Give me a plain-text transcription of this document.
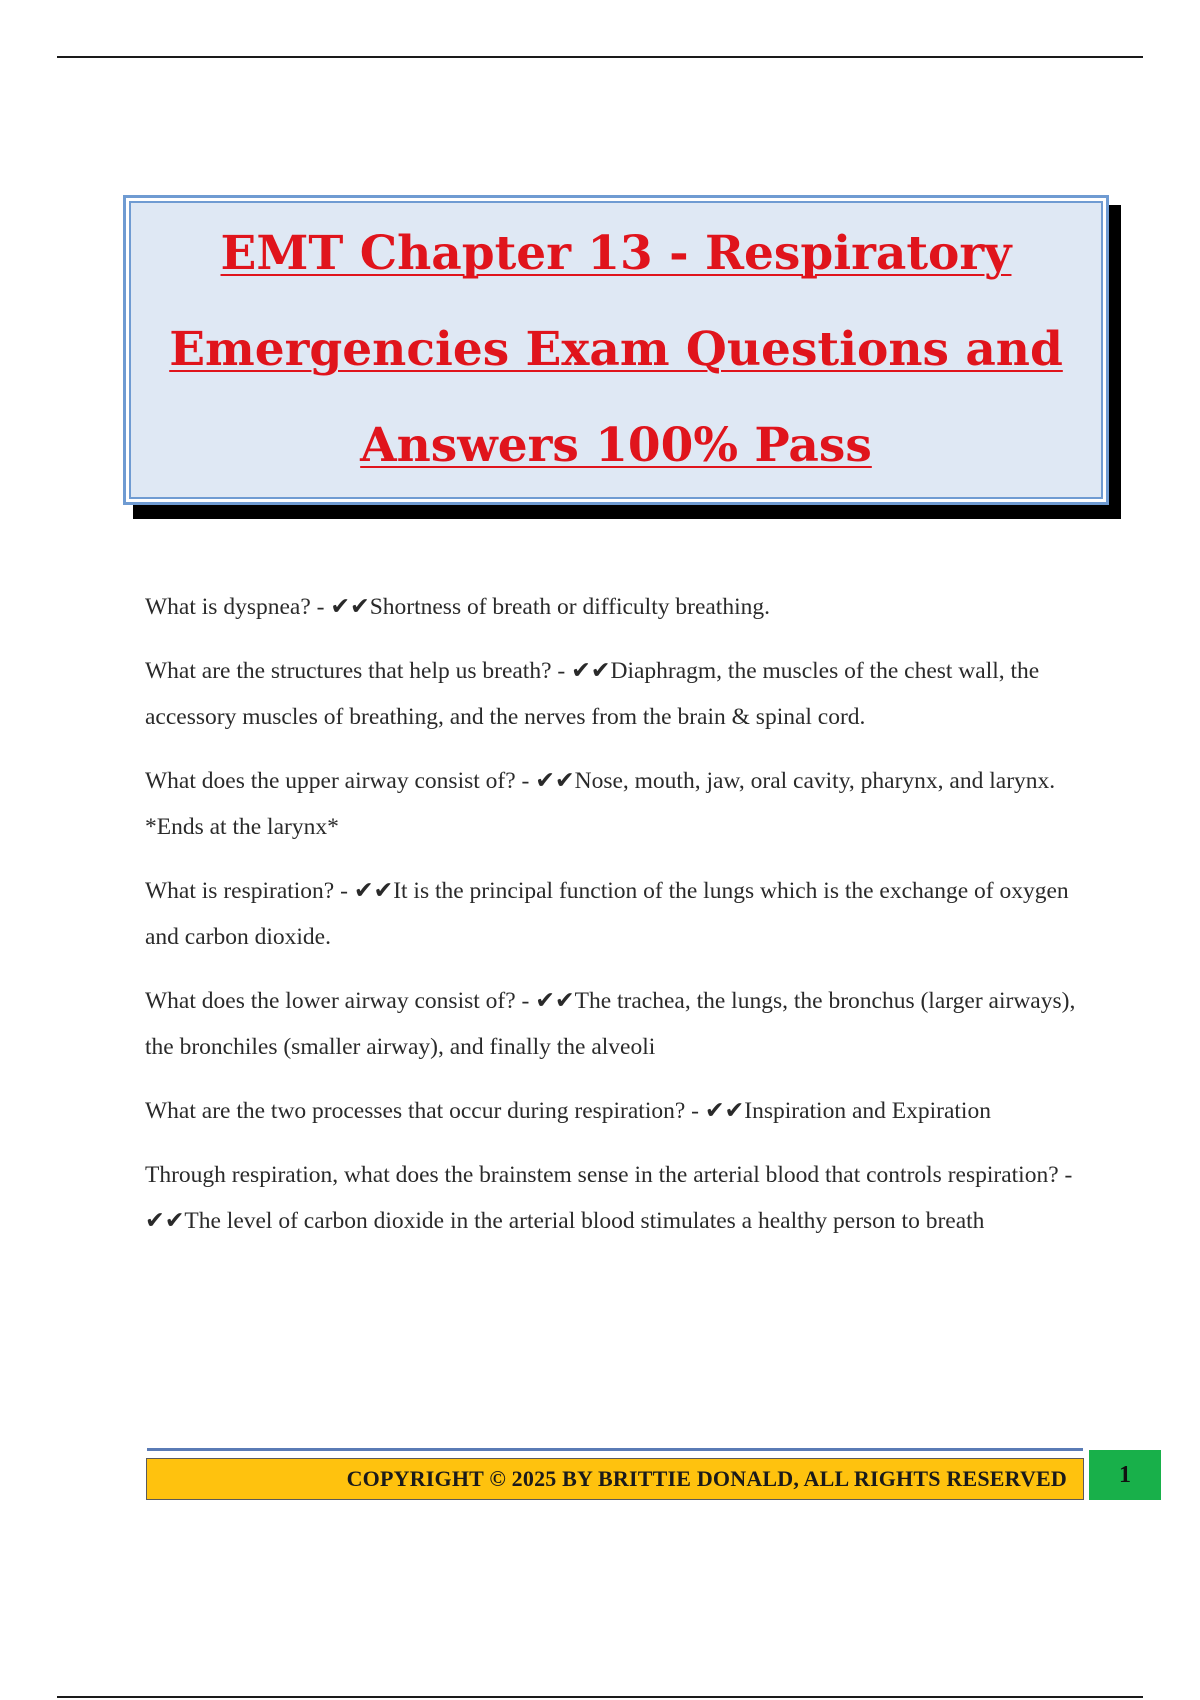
EMT Chapter 13 - Respiratory Emergencies Exam Questions and Answers 100% Pass

What is dyspnea? - ✔✔Shortness of breath or difficulty breathing.

What are the structures that help us breath? - ✔✔Diaphragm, the muscles of the chest wall, the accessory muscles of breathing, and the nerves from the brain & spinal cord.

What does the upper airway consist of? - ✔✔Nose, mouth, jaw, oral cavity, pharynx, and larynx. *Ends at the larynx*

What is respiration? - ✔✔It is the principal function of the lungs which is the exchange of oxygen and carbon dioxide.

What does the lower airway consist of? - ✔✔The trachea, the lungs, the bronchus (larger airways), the bronchiles (smaller airway), and finally the alveoli

What are the two processes that occur during respiration? - ✔✔Inspiration and Expiration

Through respiration, what does the brainstem sense in the arterial blood that controls respiration? - ✔✔The level of carbon dioxide in the arterial blood stimulates a healthy person to breath

COPYRIGHT © 2025 BY BRITTIE DONALD, ALL RIGHTS RESERVED	1
